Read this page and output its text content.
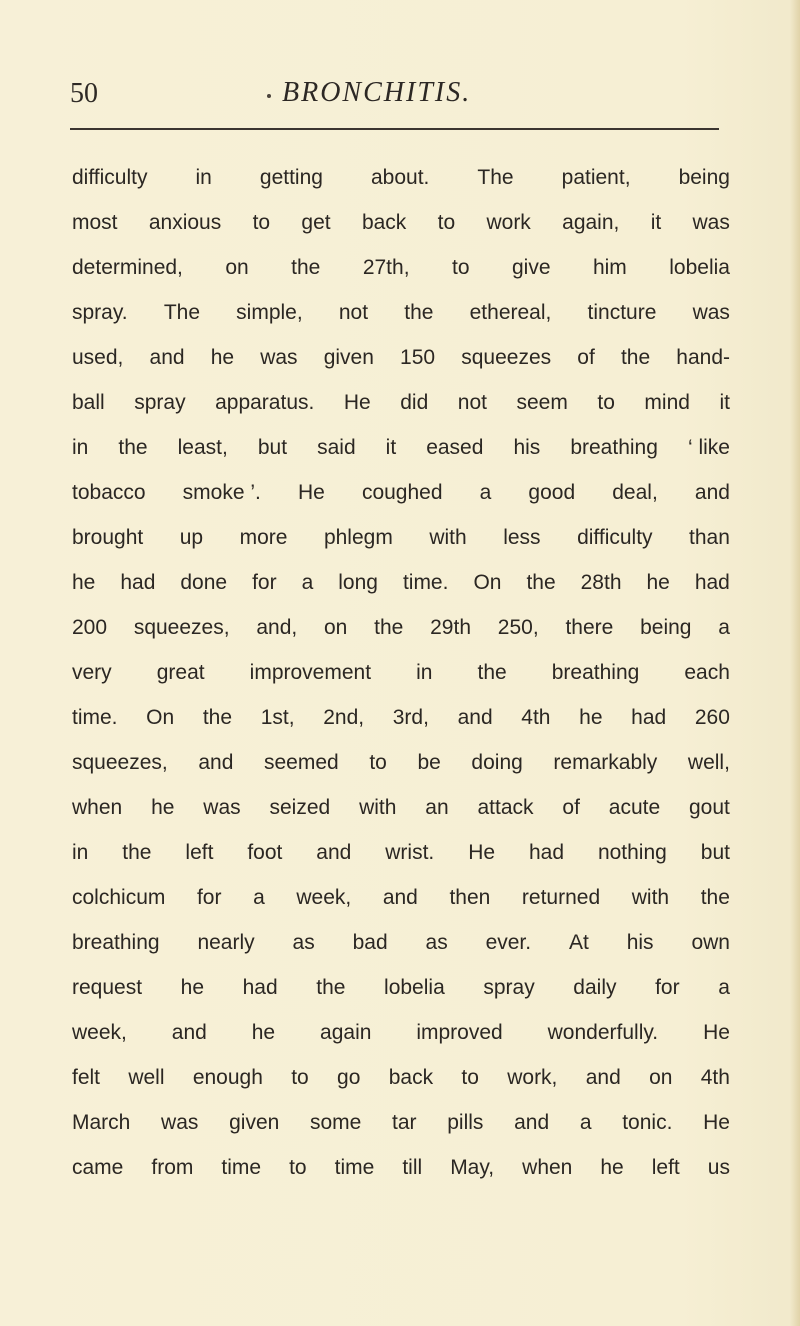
50	BRONCHITIS.
difficulty in getting about. The patient, being
most anxious to get back to work again, it was
determined, on the 27th, to give him lobelia
spray. The simple, not the ethereal, tincture was
used, and he was given 150 squeezes of the hand-
ball spray apparatus. He did not seem to mind it
in the least, but said it eased his breathing ‘ like
tobacco smoke ’. He coughed a good deal, and
brought up more phlegm with less difficulty than
he had done for a long time. On the 28th he had
200 squeezes, and, on the 29th 250, there being a
very great improvement in the breathing each
time. On the 1st, 2nd, 3rd, and 4th he had 260
squeezes, and seemed to be doing remarkably well,
when he was seized with an attack of acute gout
in the left foot and wrist. He had nothing but
colchicum for a week, and then returned with the
breathing nearly as bad as ever. At his own
request he had the lobelia spray daily for a
week, and he again improved wonderfully. He
felt well enough to go back to work, and on 4th
March was given some tar pills and a tonic. He
came from time to time till May, when he left us
